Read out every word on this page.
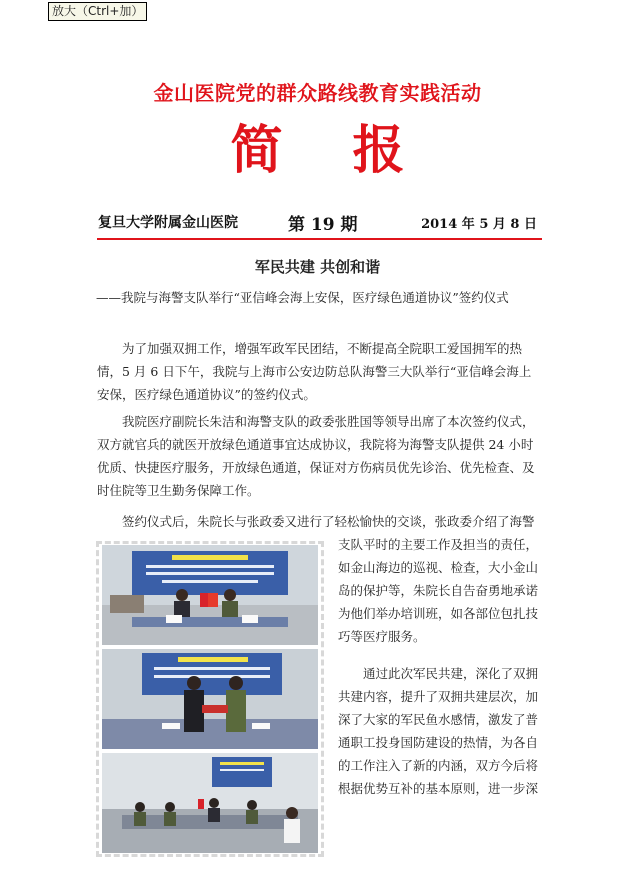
放大（Ctrl+加）
金山医院党的群众路线教育实践活动
简报
复旦大学附属金山医院	第 19 期	2014 年 5 月 8 日
军民共建 共创和谐
——我院与海警支队举行“亚信峰会海上安保，医疗绿色通道协议”签约仪式
为了加强双拥工作，增强军政军民团结，不断提高全院职工爱国拥军的热情，5 月 6 日下午，我院与上海市公安边防总队海警三大队举行“亚信峰会海上安保，医疗绿色通道协议”的签约仪式。
我院医疗副院长朱洁和海警支队的政委张胜国等领导出席了本次签约仪式，双方就官兵的就医开放绿色通道事宜达成协议，我院将为海警支队提供 24 小时优质、快捷医疗服务，开放绿色通道，保证对方伤病员优先诊治、优先检查、及时住院等卫生勤务保障工作。
签约仪式后，朱院长与张政委又进行了轻松愉快的交谈，张政委介绍了海警
支队平时的主要工作及担当的责任，如金山海边的巡视、检查，大小金山岛的保护等，朱院长自告奋勇地承诺为他们举办培训班，如各部位包扎技巧等医疗服务。
通过此次军民共建，深化了双拥共建内容，提升了双拥共建层次，加深了大家的军民鱼水感情，激发了普通职工投身国防建设的热情，为各自的工作注入了新的内涵，双方今后将根据优势互补的基本原则，进一步深
